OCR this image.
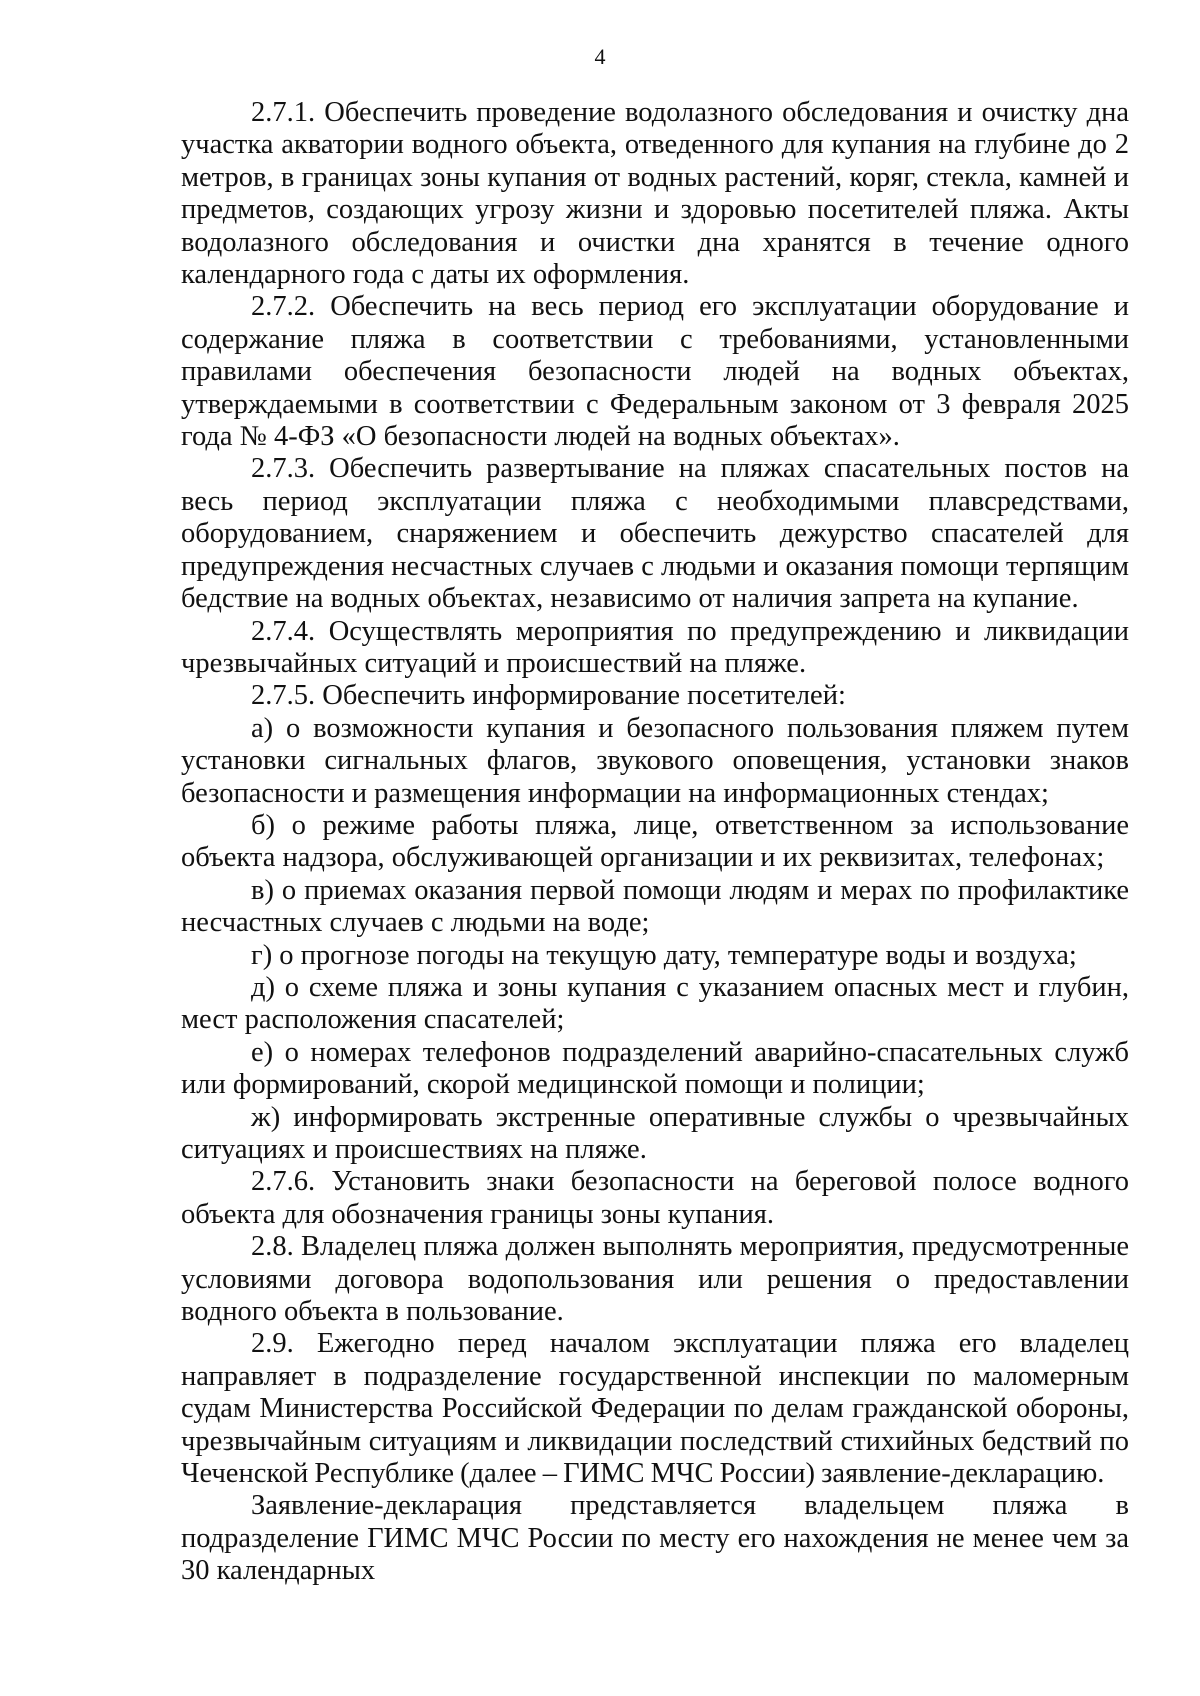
4

2.7.1. Обеспечить проведение водолазного обследования и очистку дна участка акватории водного объекта, отведенного для купания на глубине до 2 метров, в границах зоны купания от водных растений, коряг, стекла, камней и предметов, создающих угрозу жизни и здоровью посетителей пляжа. Акты водолазного обследования и очистки дна хранятся в течение одного календарного года с даты их оформления.

2.7.2. Обеспечить на весь период его эксплуатации оборудование и содержание пляжа в соответствии с требованиями, установленными правилами обеспечения безопасности людей на водных объектах, утверждаемыми в соответствии с Федеральным законом от 3 февраля 2025 года № 4-ФЗ «О безопасности людей на водных объектах».

2.7.3. Обеспечить развертывание на пляжах спасательных постов на весь период эксплуатации пляжа с необходимыми плавсредствами, оборудованием, снаряжением и обеспечить дежурство спасателей для предупреждения несчастных случаев с людьми и оказания помощи терпящим бедствие на водных объектах, независимо от наличия запрета на купание.

2.7.4. Осуществлять мероприятия по предупреждению и ликвидации чрезвычайных ситуаций и происшествий на пляже.

2.7.5. Обеспечить информирование посетителей:

а) о возможности купания и безопасного пользования пляжем путем установки сигнальных флагов, звукового оповещения, установки знаков безопасности и размещения информации на информационных стендах;

б) о режиме работы пляжа, лице, ответственном за использование объекта надзора, обслуживающей организации и их реквизитах, телефонах;

в) о приемах оказания первой помощи людям и мерах по профилактике несчастных случаев с людьми на воде;

г) о прогнозе погоды на текущую дату, температуре воды и воздуха;

д) о схеме пляжа и зоны купания с указанием опасных мест и глубин, мест расположения спасателей;

е) о номерах телефонов подразделений аварийно-спасательных служб или формирований, скорой медицинской помощи и полиции;

ж) информировать экстренные оперативные службы о чрезвычайных ситуациях и происшествиях на пляже.

2.7.6. Установить знаки безопасности на береговой полосе водного объекта для обозначения границы зоны купания.

2.8. Владелец пляжа должен выполнять мероприятия, предусмотренные условиями договора водопользования или решения о предоставлении водного объекта в пользование.

2.9. Ежегодно перед началом эксплуатации пляжа его владелец направляет в подразделение государственной инспекции по маломерным судам Министерства Российской Федерации по делам гражданской обороны, чрезвычайным ситуациям и ликвидации последствий стихийных бедствий по Чеченской Республике (далее – ГИМС МЧС России) заявление-декларацию.

Заявление-декларация представляется владельцем пляжа в подразделение ГИМС МЧС России по месту его нахождения не менее чем за 30 календарных
